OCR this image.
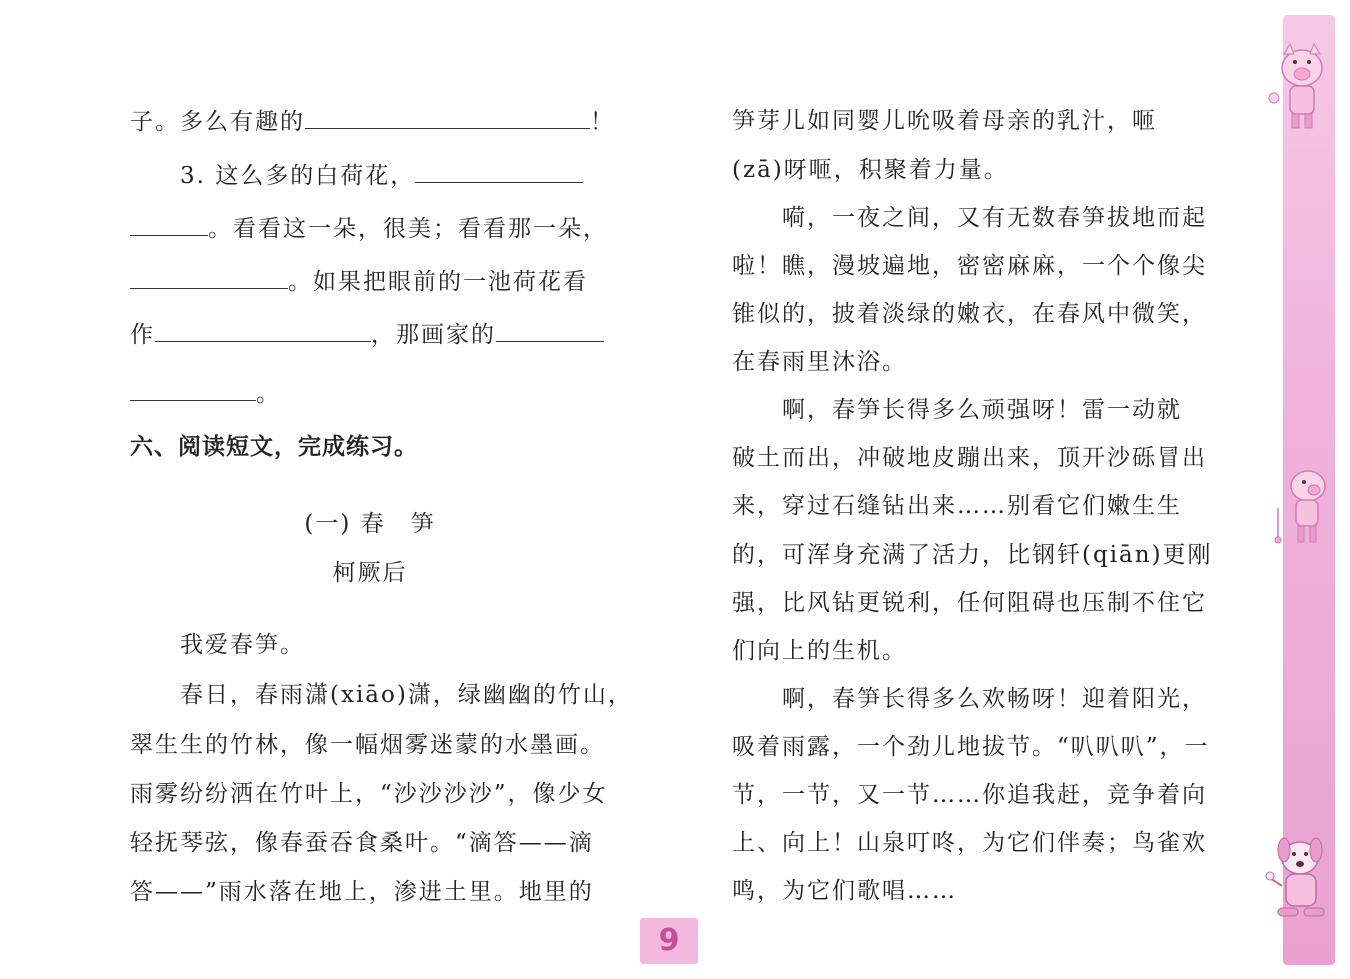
子。多么有趣的	！
3. 这么多的白荷花，
。看看这一朵，很美；看看那一朵，
。如果把眼前的一池荷花看
作	，那画家的
。
六、阅读短文，完成练习。
(一) 春　笋
柯厥后
我爱春笋。
春日，春雨潇(xiāo)潇，绿幽幽的竹山，
翠生生的竹林，像一幅烟雾迷蒙的水墨画。
雨雾纷纷洒在竹叶上，“沙沙沙沙”，像少女
轻抚琴弦，像春蚕吞食桑叶。“滴答——滴
答——”雨水落在地上，渗进土里。地里的
笋芽儿如同婴儿吮吸着母亲的乳汁，咂
(zā)呀咂，积聚着力量。
　　嗬，一夜之间，又有无数春笋拔地而起
啦！瞧，漫坡遍地，密密麻麻，一个个像尖
锥似的，披着淡绿的嫩衣，在春风中微笑，
在春雨里沐浴。
　　啊，春笋长得多么顽强呀！雷一动就
破土而出，冲破地皮蹦出来，顶开沙砾冒出
来，穿过石缝钻出来……别看它们嫩生生
的，可浑身充满了活力，比钢钎(qiān)更刚
强，比风钻更锐利，任何阻碍也压制不住它
们向上的生机。
　　啊，春笋长得多么欢畅呀！迎着阳光，
吸着雨露，一个劲儿地拔节。“叭叭叭”，一
节，一节，又一节……你追我赶，竞争着向
上、向上！山泉叮咚，为它们伴奏；鸟雀欢
鸣，为它们歌唱……
9
